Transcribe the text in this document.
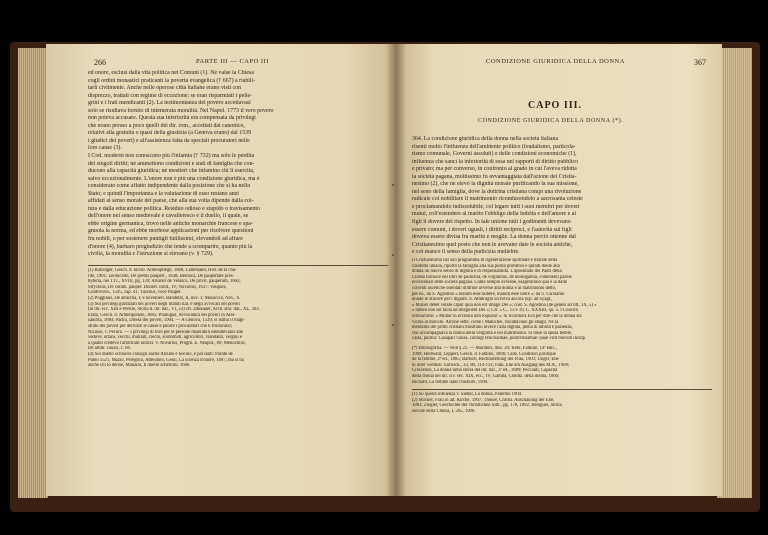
266	PARTE III — CAPO III
ed onore, esclusi dalla vita politica nei Comuni (1). Nè valse la Chiesa
cogli ordini monastici praticanti la povertà evangelica († 667) a riabili-
tarli civilmente. Anche nelle operose città italiane erano visti con
disprezzo, trattati con regime di eccezione; se eran risparmiati i pelle-
grini e i frati mendicanti (2). La testimonianza del povero accettavasi
solo se risultava fornito di intemerata moralità. Nel Napol. 1773 il vero povero
non poteva accusare. Questa sua inferiorità era compensata da privilegi
che erano presso a poco quelli dei dir. rom., accettati dal canonico,
relativi alla gratuità o quasi della giustizia (a Genova erano) dal 1539
i giudici dei poveri) e all'assistenza fatta da speciali procuratori nelle
loro cause (3).
I Cod. moderni non conoscono più l'infamia († 732) ma solo le perdita
dei singoli diritti; nè ammettono condizioni e stati di famiglia che con-
ducono alla capacità giuridica; nè mestieri che infamino chi li esercita,
salvo eccezionalmente. L'onore non è più una condizione giuridica, ma è
considerato come affatto indipendente dalla posizione che si ha nello
Stato; e quindi l'importanza e la valutazione di esso restano anzi
affidati al senso morale del paese, che alla sua volta dipende dalla col-
tura e dalla educazione politica. Residuo odioso e stupido o travisamento
dell'onore nel senso medievale e cavalleresco è il duello, il quale, se
ebbe origine germanica, trovò nelle antiche monarchie francese e spa-
gnuola la norma, ed ebbe morbose applicazioni per risolvere questioni
fra nobili, o per sostenere puntigli futilissimi, elevandoli ad affare
d'onore (4), barbaro pregiudizio che tende a scomparire, quanto più la
civiltà, la moralità e l'istruzione si elevano (v. § 729).
(1) Ratzinger, Gesch. d. kirchl. Armenpflege, 1868; Lallemand, Hist. de la cha-
rité, 1901; Leonicello, De pretiis paupert., 1848; Beninca, De paupertate pres-
byteria, nei TTJ., XVIII, pg. 139; Alvarez de Velasco, De privil. pauperum, 1663;
Strychius, De curam. pauper. Dissert. iurid., IV; Novarius, 1637; Vasquez,
Controvers., 1595, cap. 41; Tuschus, voce Pauper.
(2) Pogginus, De amicitia, I; e novellieri. Bandello, II, nov. 1; Masuccio, Nov., 6.
(3) Sui privilegi giudiziali dei poveri negli Statuti ital. e negli avvocati dei poveri
(in dir. ecc. XIII e Pertile, Storia d. dir. ital., VI, 23) cfr. Zdekauer, Arch. stor. ital., XL, 393.
Erata, Gesch. d. Armenpolizei, 1885; Pitalugua, Avvocatura dei poveri in Ales-
sandria, 1884; Parini, Difesa dei poveri, 1904. — A Genova, 1539, si istituì il magi-
strato dei poveri per derivare le cause e punire i procuratori che li frodavano;
Nicasio, v. Pecoro. — I privilegi di foro per le persone miserabili estendevansi alle
vedove, orfani, vecchi, mutilati, ciechi, sordomuti, agricoltori, viandanti, vergini e
a quanti credeva l'arbitrium iudicis: v. Novarius, Progm. E. Neapol., 89; Menochius,
De arbitr. causis, c. 66.
(4) Sul duello scrissero consigli anche Alciato e Socino, e poi tanti: Paride de
Puteo 1521, Mazio, Peregrini, Attendolo, Gessi, La scienza d'onore, 1687; ma si ha
anche chi lo derise; Manzini, Il duello schernito, 1666.
CONDIZIONE GIURIDICA DELLA DONNA	367
CAPO III.
CONDIZIONE GIURIDICA DELLA DONNA (*).
364. La condizione giuridica della donna nella società italiana
risentì molto l'influenza dell'ambiente politico (feudalismo, particola-
rismo comunale, Governi assoluti) e delle condizioni economiche (1),
influenza che sancì la inferiorità di essa nei rapporti di diritto pubblico
e privato; ma per converso, in confronto al grado in cui l'aveva ridotta
la società pagana, moltissimo fu avvantaggiata dall'azione del Cristia-
nesimo (2), che ne elevò la dignità morale purificando la sua missione,
nel seno della famiglia, dove la dottrina cristiana compì una rivoluzione
radicale col nobilitare il matrimonio riconducendolo a sacrosanta celeste
e proclamandolo indissolubile, col legare tutti i suoi membri per doveri
mutui, coll'estendere al marito l'obbligo della fedeltà e dell'amore e ai
figli il dovere del rispetto. In tale unione tutti i godimenti devevano
essere comuni, i doveri uguali, i diritti reciproci, e l'autorità sui figli
doveva essere divisa fra marito e moglie. La donna perciò ottenne dal
Cristianesimo quel posto che non le avevano date le società antiche,
e coi mancò il senso della pudicizia muliebre.
Il Cristianesimo nel suo programma di rigenerazione spirituale e morale della
condotta umana, riportò la famiglia alla sua purità primitiva e quindi diede alla
donna un nuovo senso di dignità e di responsabilità. L'apostolato dei Padri della
Chiesa fornisce nei libri de pudicitia, de virginibus, de monogamia, contenenti parole
eccezionali delle società pagana. Come sempre avviene, esagerarono qua e là dalle
correnti ascetiche orientali dottrine avverse alla donna e al matrimonio detto,
per es., da S. Agostino « bonum esse nubere, malum esse urere »; da S. Girolamo
donde le sfavore per i digami. S. Ambrogio scriveva ancora (Ep. ad Syagr.,
« Mulier debet velare caput quia non est imago Dei »; cost. S. Agostino (de genesi ad litt., IX, 5) »
« tamen non est facta ad imaginem Dei »; Cfr. « C., 13 e 19, C. XXXIII, qu. 5. I Concilii
ordinavano: « Mulier in ecclesia non loquatur ». Si ricordava Eva per dire che la donna sta
vicina al diavolo. Alcune sette, come i Manichei, riscattavano gli sbagli. Ne la
mentalità dei primi cristiani mostrano invece l'alta dignità, piena di umiltà e pazienza,
che accompagnava la donna nella verginità e nel matrimonio. Si tolse la sposa fedele,
casta, pudica: Casapari varias, coniugi felicissimae, pudicitissimae: quae virit mecum inculp.
(*) Bibliografia. — Vedi § 22. — Muratori, diss. 20; Kehr, Familie, 14ª edic.,
1909; Hellwald, Leppert, Gesch. d. Familie, 1886; Gide, Condition juridique
de la femme, 2ª ed., 1885; Bartsch, Rechtsstellung der Frau, 1903; Unger, Ehe
in ihrer welthist. Entwick., 33, 88, 114-131; Falk, Ehe am Ausgang des M.A., 1908;
Crescenzo, La donna nella storia del dir. ital., 3ª ed., 1889; Peccanti, Capacità
della donna nel dir. civ. sec. XIX, ecc., IV; Gamba, Condiz. della donna, 1866;
Richard, La femme dans l'histoire, 1909.
(1) Su questa influenza v. Siebel, La donna, Palermo 1904.
(2) Stocker, Frau in alt. Kirche, 1907; Thöner, Christl. Anschauung der Ehe,
1881; Ziegler, Geschichte der christlichen Sittl., pg. 178, 1892; Beniguel, Storia
sociale della Chiesa, I, 265, 1906.
